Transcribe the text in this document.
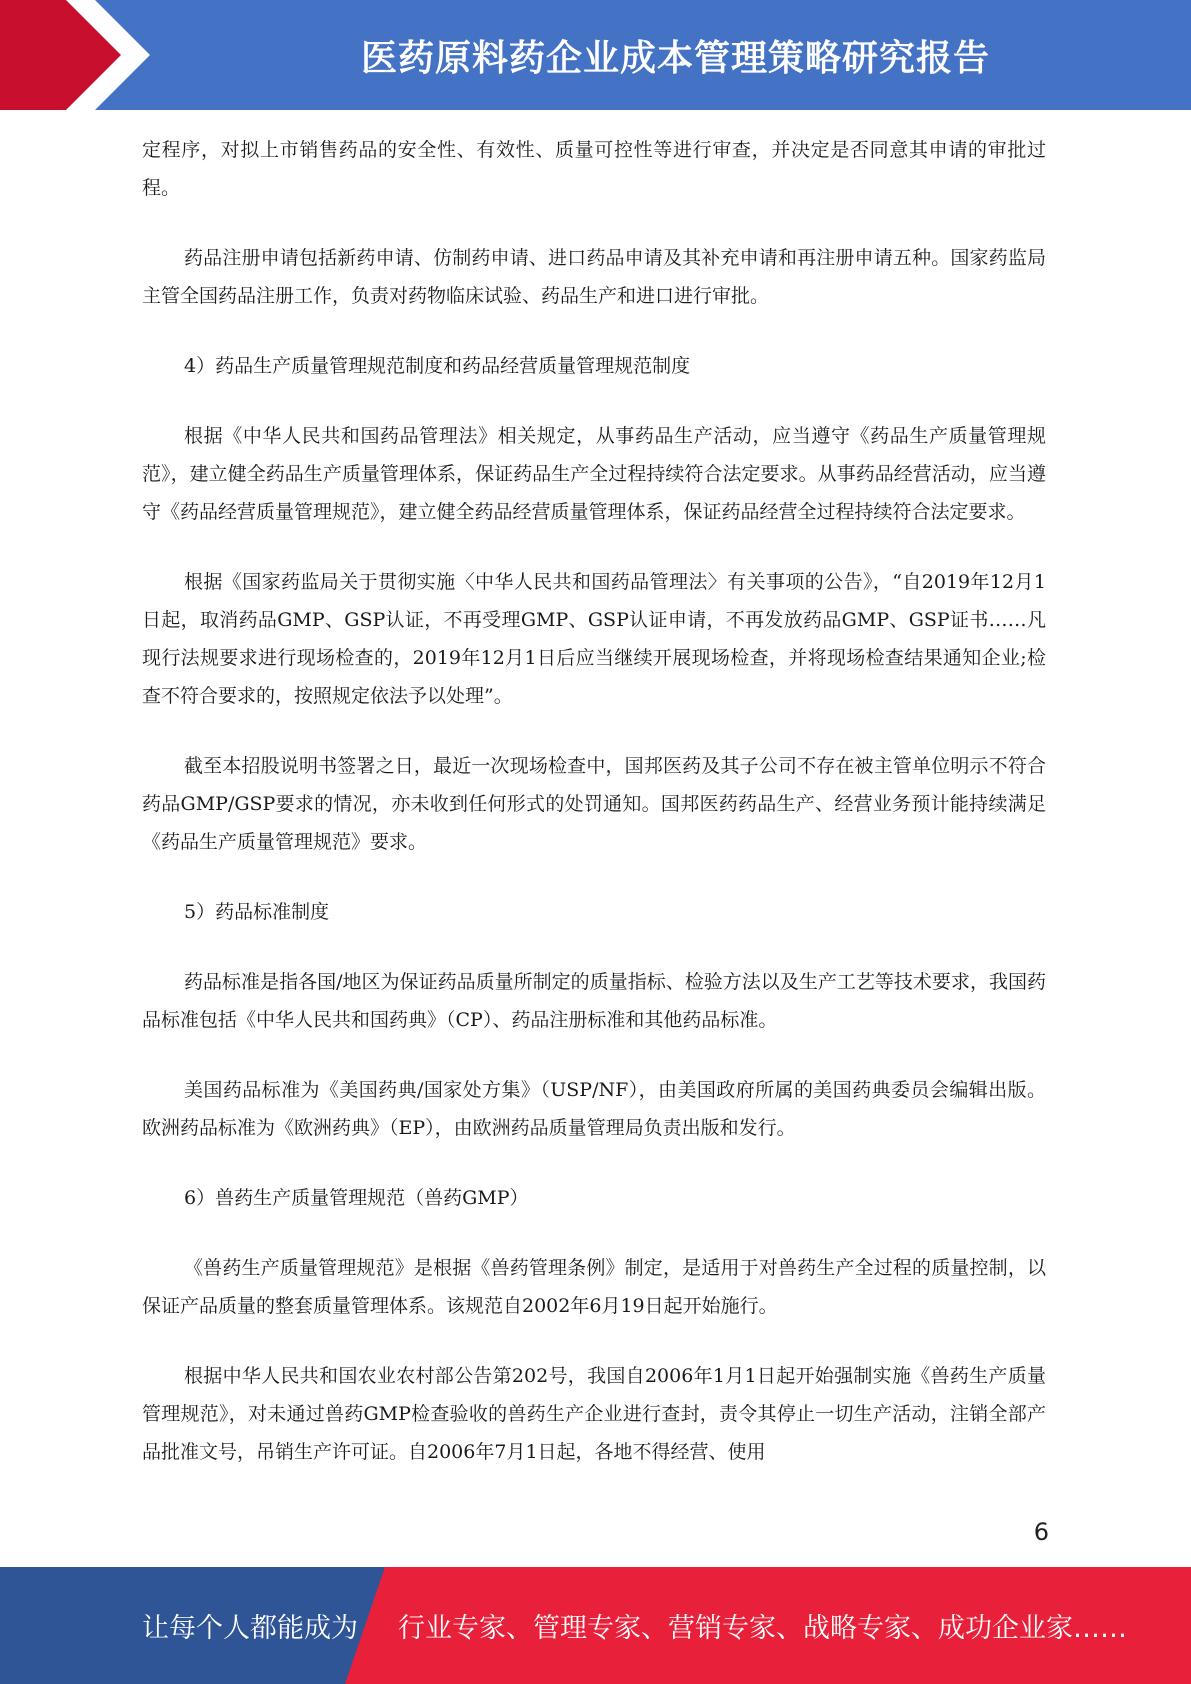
医药原料药企业成本管理策略研究报告

定程序，对拟上市销售药品的安全性、有效性、质量可控性等进行审查，并决定是否同意其申请的审批过程。

药品注册申请包括新药申请、仿制药申请、进口药品申请及其补充申请和再注册申请五种。国家药监局主管全国药品注册工作，负责对药物临床试验、药品生产和进口进行审批。

4）药品生产质量管理规范制度和药品经营质量管理规范制度

根据《中华人民共和国药品管理法》相关规定，从事药品生产活动，应当遵守《药品生产质量管理规范》，建立健全药品生产质量管理体系，保证药品生产全过程持续符合法定要求。从事药品经营活动，应当遵守《药品经营质量管理规范》，建立健全药品经营质量管理体系，保证药品经营全过程持续符合法定要求。

根据《国家药监局关于贯彻实施〈中华人民共和国药品管理法〉有关事项的公告》，“自2019年12月1日起，取消药品GMP、GSP认证，不再受理GMP、GSP认证申请，不再发放药品GMP、GSP证书……凡现行法规要求进行现场检查的，2019年12月1日后应当继续开展现场检查，并将现场检查结果通知企业;检查不符合要求的，按照规定依法予以处理”。

截至本招股说明书签署之日，最近一次现场检查中，国邦医药及其子公司不存在被主管单位明示不符合药品GMP/GSP要求的情况，亦未收到任何形式的处罚通知。国邦医药药品生产、经营业务预计能持续满足《药品生产质量管理规范》要求。

5）药品标准制度

药品标准是指各国/地区为保证药品质量所制定的质量指标、检验方法以及生产工艺等技术要求，我国药品标准包括《中华人民共和国药典》（CP）、药品注册标准和其他药品标准。

美国药品标准为《美国药典/国家处方集》（USP/NF），由美国政府所属的美国药典委员会编辑出版。欧洲药品标准为《欧洲药典》（EP），由欧洲药品质量管理局负责出版和发行。

6）兽药生产质量管理规范（兽药GMP）

《兽药生产质量管理规范》是根据《兽药管理条例》制定，是适用于对兽药生产全过程的质量控制，以保证产品质量的整套质量管理体系。该规范自2002年6月19日起开始施行。

根据中华人民共和国农业农村部公告第202号，我国自2006年1月1日起开始强制实施《兽药生产质量管理规范》，对未通过兽药GMP检查验收的兽药生产企业进行查封，责令其停止一切生产活动，注销全部产品批准文号，吊销生产许可证。自2006年7月1日起，各地不得经营、使用

6
让每个人都能成为 行业专家、管理专家、营销专家、战略专家、成功企业家……
